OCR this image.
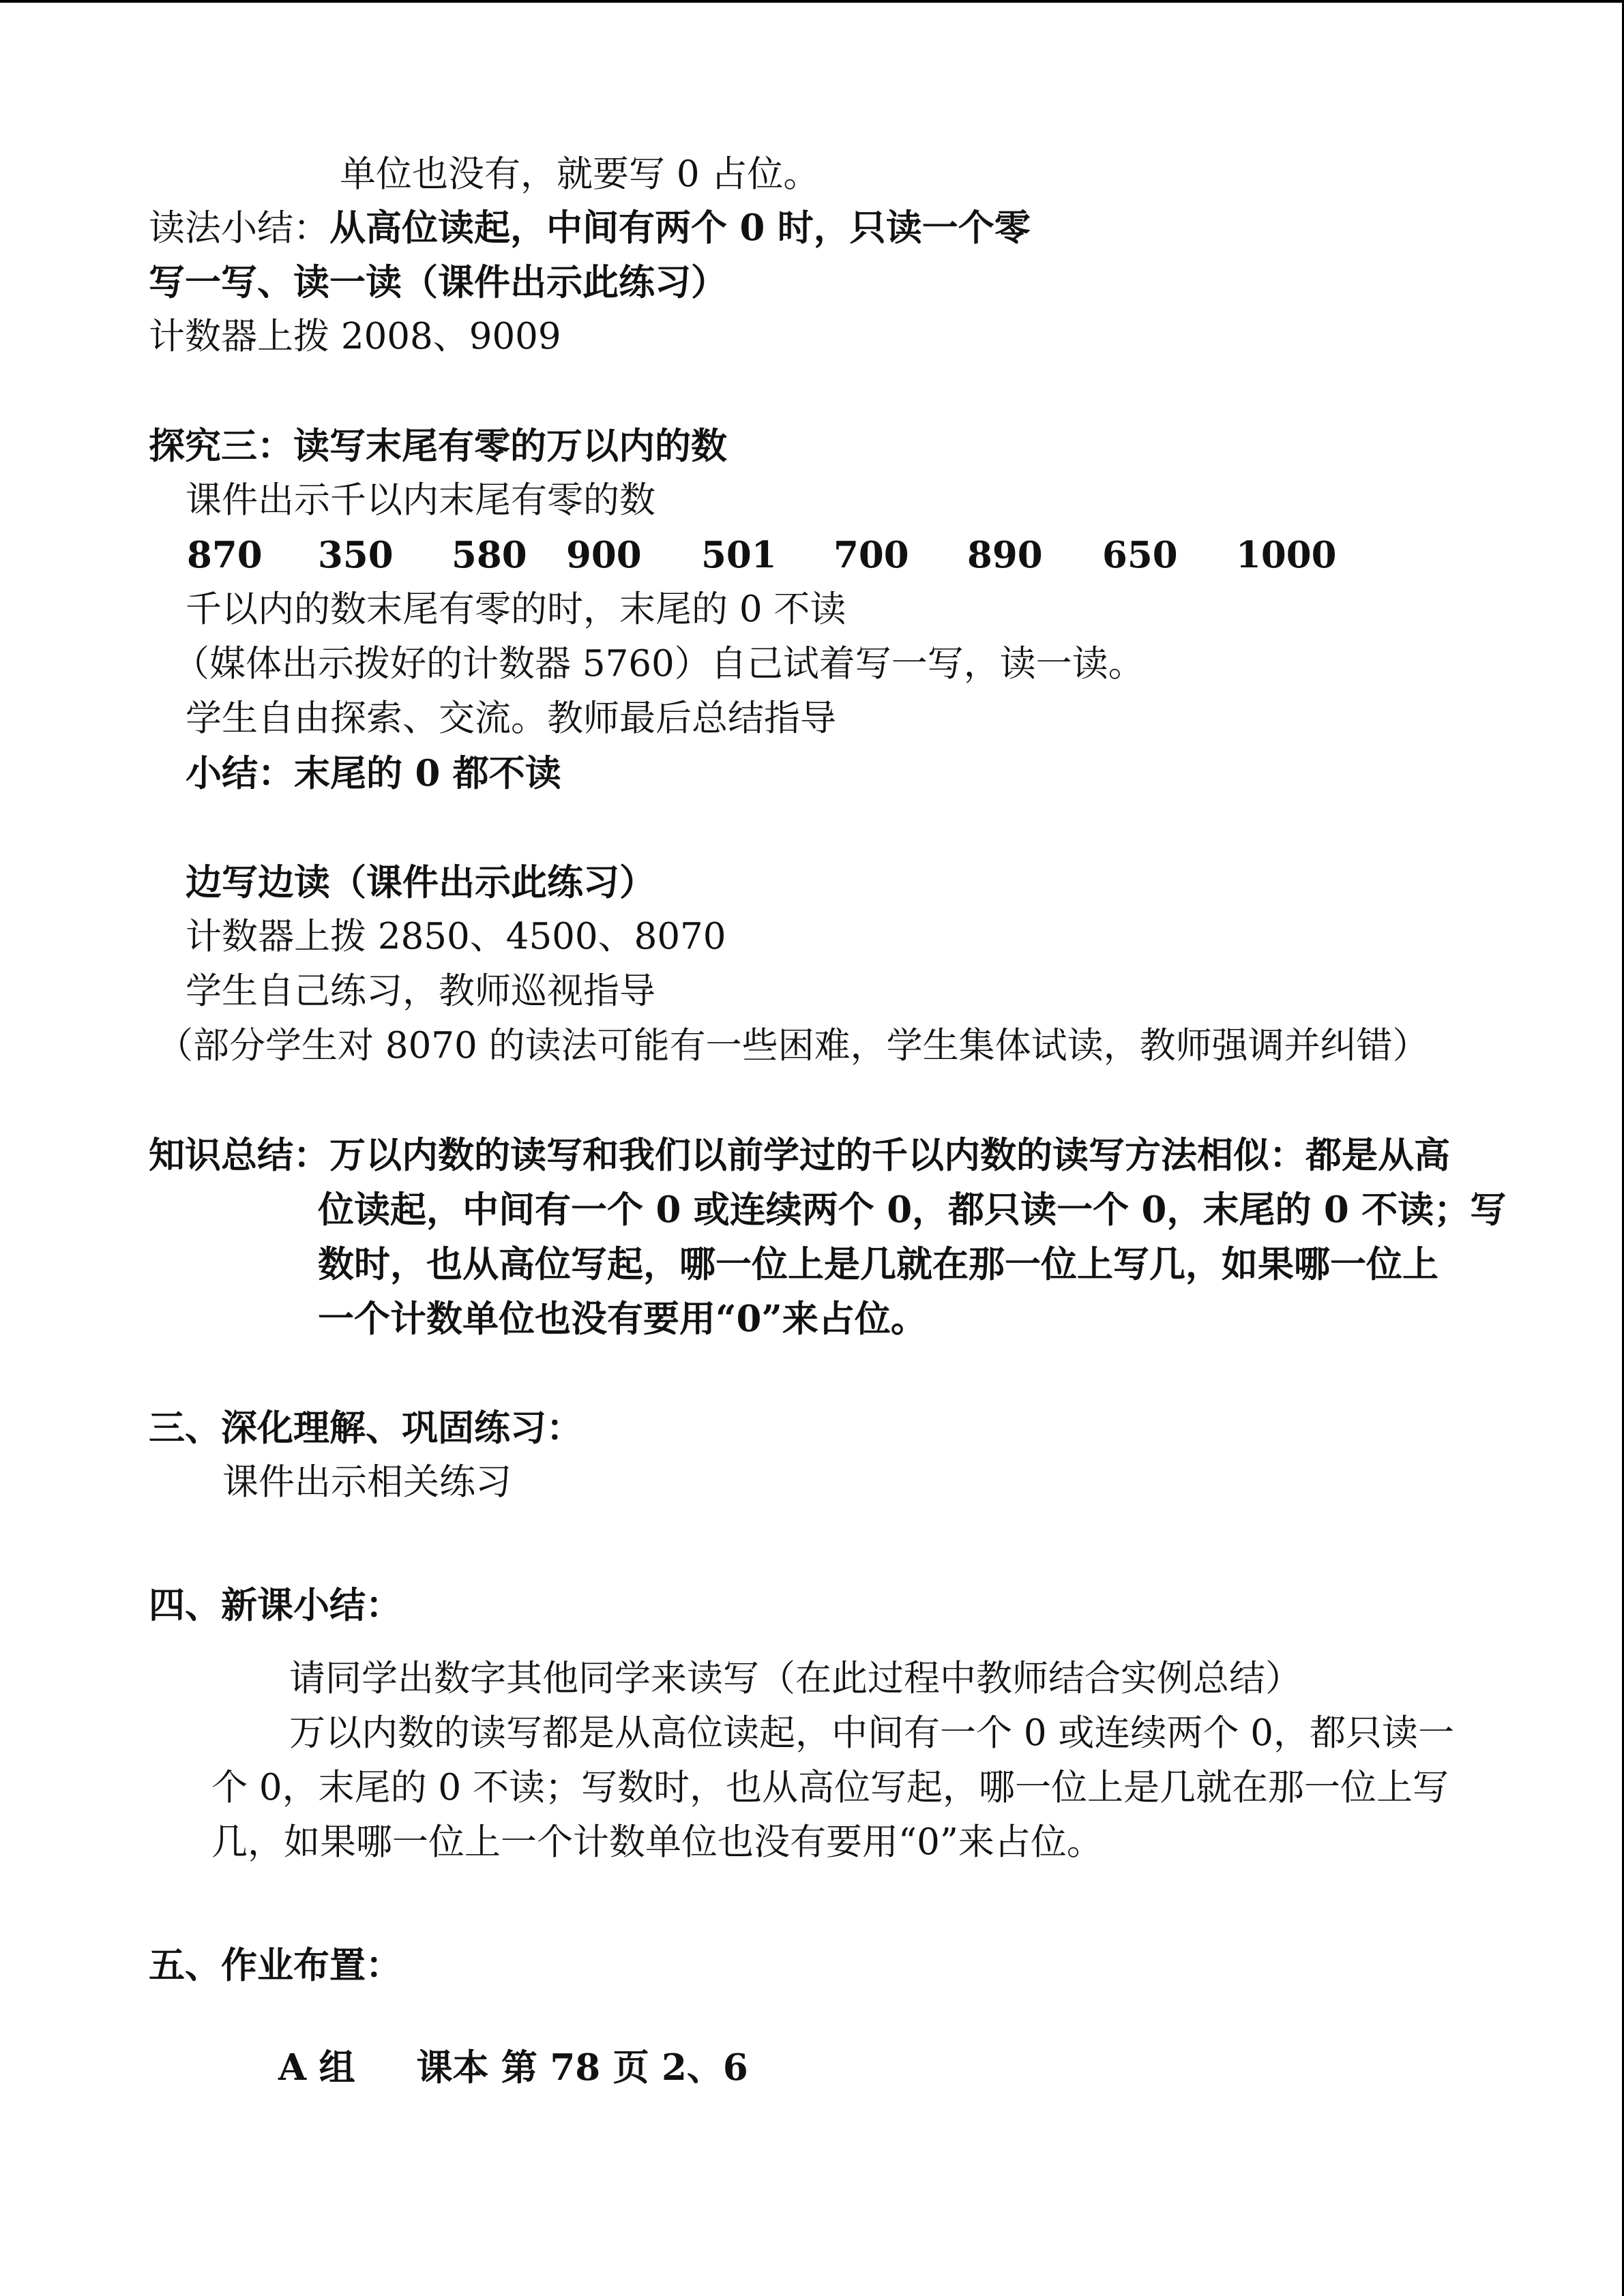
单位也没有，就要写 0 占位。
读法小结：从高位读起，中间有两个 0 时，只读一个零
写一写、读一读（课件出示此练习）
计数器上拨 2008、9009
探究三：读写末尾有零的万以内的数
课件出示千以内末尾有零的数
870 350 580 900 501 700 890 650 1000
千以内的数末尾有零的时，末尾的 0 不读
（媒体出示拨好的计数器 5760）自己试着写一写，读一读。
学生自由探索、交流。教师最后总结指导
小结：末尾的 0 都不读
边写边读（课件出示此练习）
计数器上拨 2850、4500、8070
学生自己练习，教师巡视指导
（部分学生对 8070 的读法可能有一些困难，学生集体试读，教师强调并纠错）
知识总结：万以内数的读写和我们以前学过的千以内数的读写方法相似：都是从高
位读起，中间有一个 0 或连续两个 0，都只读一个 0，末尾的 0 不读；写
数时，也从高位写起，哪一位上是几就在那一位上写几，如果哪一位上
一个计数单位也没有要用“0”来占位。
三、深化理解、巩固练习：
课件出示相关练习
四、新课小结：
请同学出数字其他同学来读写（在此过程中教师结合实例总结）
万以内数的读写都是从高位读起，中间有一个 0 或连续两个 0，都只读一
个 0，末尾的 0 不读；写数时，也从高位写起，哪一位上是几就在那一位上写
几，如果哪一位上一个计数单位也没有要用“0”来占位。
五、作业布置：
A 组 　 课本 第 78 页 2、6
